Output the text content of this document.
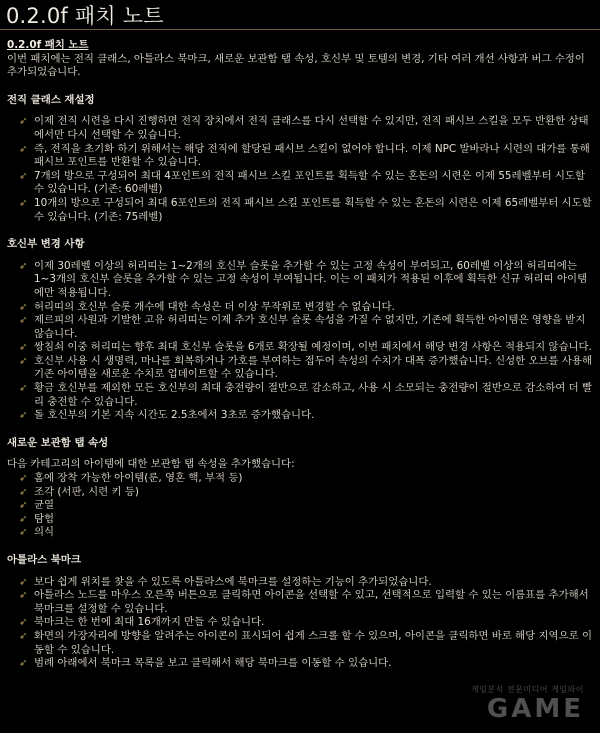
0.2.0f 패치 노트
0.2.0f 패치 노트

이번 패치에는 전직 클래스, 아틀라스 북마크, 새로운 보관함 탭 속성, 호신부 및 토템의 변경, 기타 여러 개선 사항과 버그 수정이 추가되었습니다.

전직 클래스 재설정
➶ 이제 전직 시련을 다시 진행하면 전직 장치에서 전직 클래스를 다시 선택할 수 있지만, 전직 패시브 스킬을 모두 반환한 상태에서만 다시 선택할 수 있습니다.
➶ 즉, 전직을 초기화 하기 위해서는 해당 전직에 할당된 패시브 스킬이 없어야 합니다. 이제 NPC 발바라나 시련의 대가를 통해 패시브 포인트를 반환할 수 있습니다.
➶ 7개의 방으로 구성되어 최대 4포인트의 전직 패시브 스킬 포인트를 획득할 수 있는 혼돈의 시련은 이제 55레벨부터 시도할 수 있습니다. (기존: 60레벨)
➶ 10개의 방으로 구성되어 최대 6포인트의 전직 패시브 스킬 포인트를 획득할 수 있는 혼돈의 시련은 이제 65레벨부터 시도할 수 있습니다. (기존: 75레벨)
호신부 변경 사항
➶ 이제 30레벨 이상의 허리띠는 1~2개의 호신부 슬롯을 추가할 수 있는 고정 속성이 부여되고, 60레벨 이상의 허리띠에는 1~3개의 호신부 슬롯을 추가할 수 있는 고정 속성이 부여됩니다. 이는 이 패치가 적용된 이후에 획득한 신규 허리띠 아이템에만 적용됩니다.
➶ 허리띠의 호신부 슬롯 개수에 대한 속성은 더 이상 무작위로 변경할 수 없습니다.
➶ 제르피의 사원과 기발한 고유 허리띠는 이제 추가 호신부 슬롯 속성을 가질 수 없지만, 기존에 획득한 아이템은 영향을 받지 않습니다.
➶ 쌍침쇠 이중 허리띠는 향후 최대 호신부 슬롯을 6개로 확장될 예정이며, 이번 패치에서 해당 변경 사항은 적용되지 않습니다.
➶ 호신부 사용 시 생명력, 마나를 회복하거나 가호를 부여하는 접두어 속성의 수치가 대폭 증가했습니다. 신성한 오브를 사용해 기존 아이템을 새로운 수치로 업데이트할 수 있습니다.
➶ 황금 호신부를 제외한 모든 호신부의 최대 충전량이 절반으로 감소하고, 사용 시 소모되는 충전량이 절반으로 감소하여 더 빨리 충전할 수 있습니다.
➶ 돌 호신부의 기본 지속 시간도 2.5초에서 3초로 증가했습니다.
새로운 보관함 탭 속성

다음 카테고리의 아이템에 대한 보관함 탭 속성을 추가했습니다:

➶ 홈에 장착 가능한 아이템(룬, 영혼 핵, 부적 등)
➶ 조각 (서판, 시련 키 등)
➶ 균열
➶ 탐험
➶ 의식
아틀라스 북마크
➶ 보다 쉽게 위치를 찾을 수 있도록 아틀라스에 북마크를 설정하는 기능이 추가되었습니다.
➶ 아틀라스 노드를 마우스 오른쪽 버튼으로 클릭하면 아이콘을 선택할 수 있고, 선택적으로 입력할 수 있는 이름표를 추가해서 북마크를 설정할 수 있습니다.
➶ 북마크는 한 번에 최대 16개까지 만들 수 있습니다.
➶ 화면의 가장자리에 방향을 알려주는 아이콘이 표시되어 쉽게 스크롤 할 수 있으며, 아이콘을 클릭하면 바로 해당 지역으로 이동할 수 있습니다.
➶ 범례 아래에서 북마크 목록을 보고 클릭해서 해당 북마크를 이동할 수 있습니다.
게임분석 전문미디어 게임와이
GAME
